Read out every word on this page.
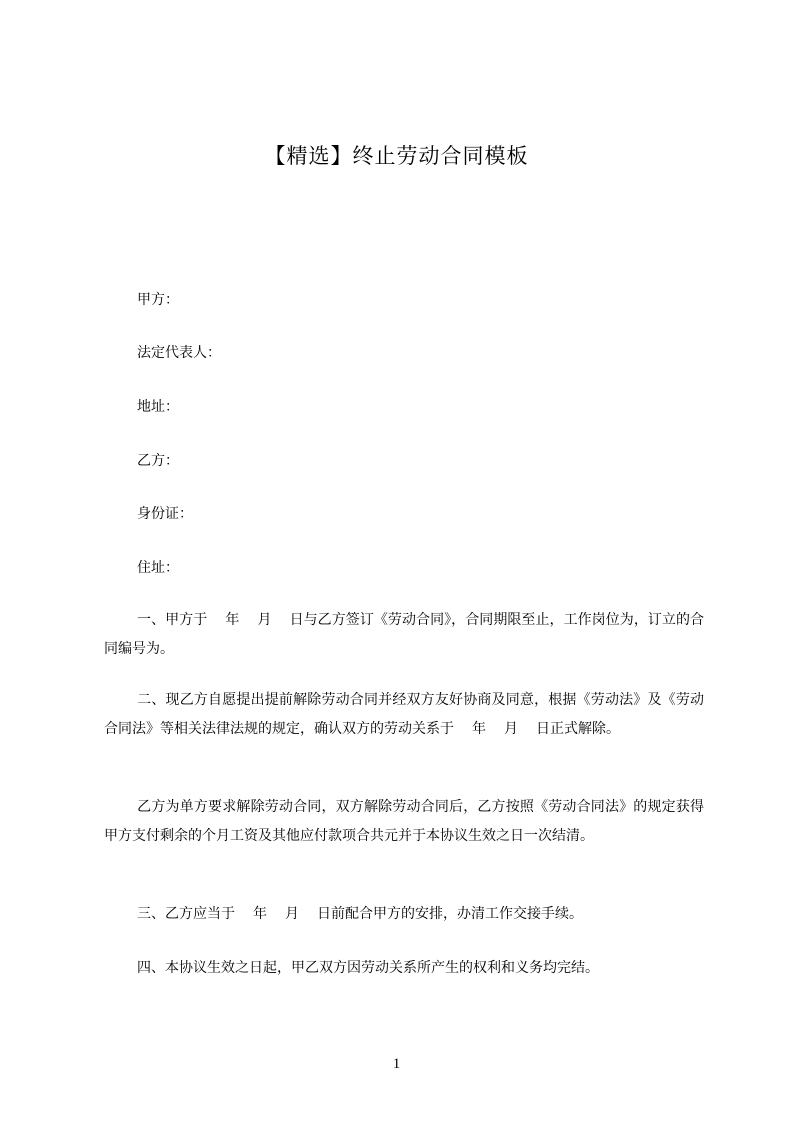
【精选】终止劳动合同模板
甲方：
法定代表人：
地址：
乙方：
身份证：
住址：
一、甲方于 年 月 日与乙方签订《劳动合同》，合同期限至止，工作岗位为，订立的合同编号为。
二、现乙方自愿提出提前解除劳动合同并经双方友好协商及同意，根据《劳动法》及《劳动合同法》等相关法律法规的规定，确认双方的劳动关系于 年 月 日正式解除。
乙方为单方要求解除劳动合同，双方解除劳动合同后，乙方按照《劳动合同法》的规定获得甲方支付剩余的个月工资及其他应付款项合共元并于本协议生效之日一次结清。
三、乙方应当于 年 月 日前配合甲方的安排，办清工作交接手续。
四、本协议生效之日起，甲乙双方因劳动关系所产生的权利和义务均完结。
1
